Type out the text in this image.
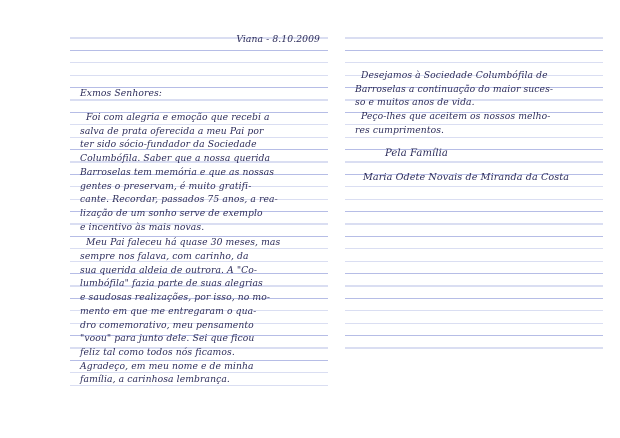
Viana - 8.10.2009
Exmos Senhores:
Foi com alegria e emoção que recebi a
salva de prata oferecida a meu Pai por
ter sido sócio-fundador da Sociedade
Columbófila. Saber que a nossa querida
Barroselas tem memória e que as nossas
gentes o preservam, é muito gratifi-
cante. Recordar, passados 75 anos, a rea-
lização de um sonho serve de exemplo
e incentivo às mais novas.
Meu Pai faleceu há quase 30 meses, mas
sempre nos falava, com carinho, da
sua querida aldeia de outrora. A "Co-
lumbófila" fazia parte de suas alegrias
e saudosas realizações, por isso, no mo-
mento em que me entregaram o qua-
dro comemorativo, meu pensamento
"voou" para junto dele. Sei que ficou
feliz tal como todos nós ficamos.
Agradeço, em meu nome e de minha
família, a carinhosa lembrança.
Desejamos à Sociedade Columbófila de
Barroselas a continuação do maior suces-
so e muitos anos de vida.
Peço-lhes que aceitem os nossos melho-
res cumprimentos.
Pela Família
Maria Odete Novais de Miranda da Costa
